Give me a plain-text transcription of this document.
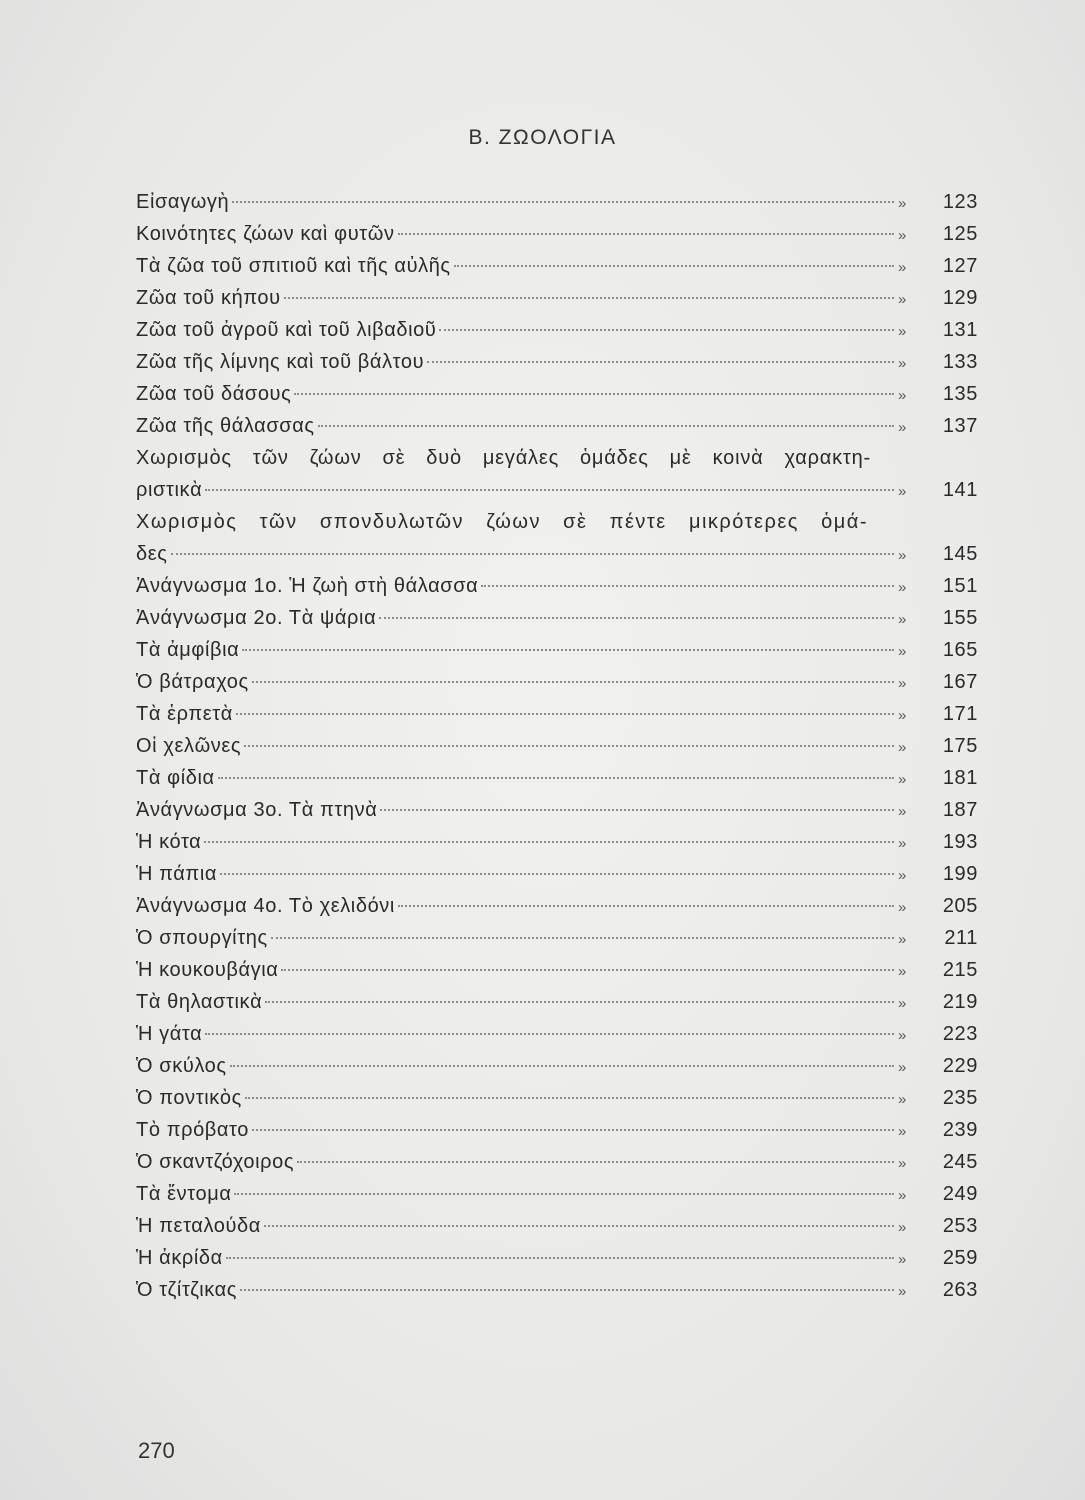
Β. ΖΩΟΛΟΓΙΑ
Εἰσαγωγὴ	»	123
Κοινότητες ζώων καὶ φυτῶν	»	125
Τὰ ζῶα τοῦ σπιτιοῦ καὶ τῆς αὐλῆς	»	127
Ζῶα τοῦ κήπου	»	129
Ζῶα τοῦ ἀγροῦ καὶ τοῦ λιβαδιοῦ	»	131
Ζῶα τῆς λίμνης καὶ τοῦ βάλτου	»	133
Ζῶα τοῦ δάσους	»	135
Ζῶα τῆς θάλασσας	»	137
Χωρισμὸς τῶν ζώων σὲ δυὸ μεγάλες ὁμάδες μὲ κοινὰ χαρακτη-
ριστικὰ	»	141
Χωρισμὸς τῶν σπονδυλωτῶν ζώων σὲ πέντε μικρότερες ὁμά-
δες	»	145
Ἀνάγνωσμα 1ο. Ἡ ζωὴ στὴ θάλασσα	»	151
Ἀνάγνωσμα 2ο. Τὰ ψάρια	»	155
Τὰ ἀμφίβια	»	165
Ὁ βάτραχος	»	167
Τὰ ἑρπετὰ	»	171
Οἱ χελῶνες	»	175
Τὰ φίδια	»	181
Ἀνάγνωσμα 3ο. Τὰ πτηνὰ	»	187
Ἡ κότα	»	193
Ἡ πάπια	»	199
Ἀνάγνωσμα 4ο. Τὸ χελιδόνι	»	205
Ὁ σπουργίτης	»	211
Ἡ κουκουβάγια	»	215
Τὰ θηλαστικὰ	»	219
Ἡ γάτα	»	223
Ὁ σκύλος	»	229
Ὁ ποντικὸς	»	235
Τὸ πρόβατο	»	239
Ὁ σκαντζόχοιρος	»	245
Τὰ ἔντομα	»	249
Ἡ πεταλούδα	»	253
Ἡ ἀκρίδα	»	259
Ὁ τζίτζικας	»	263
270
